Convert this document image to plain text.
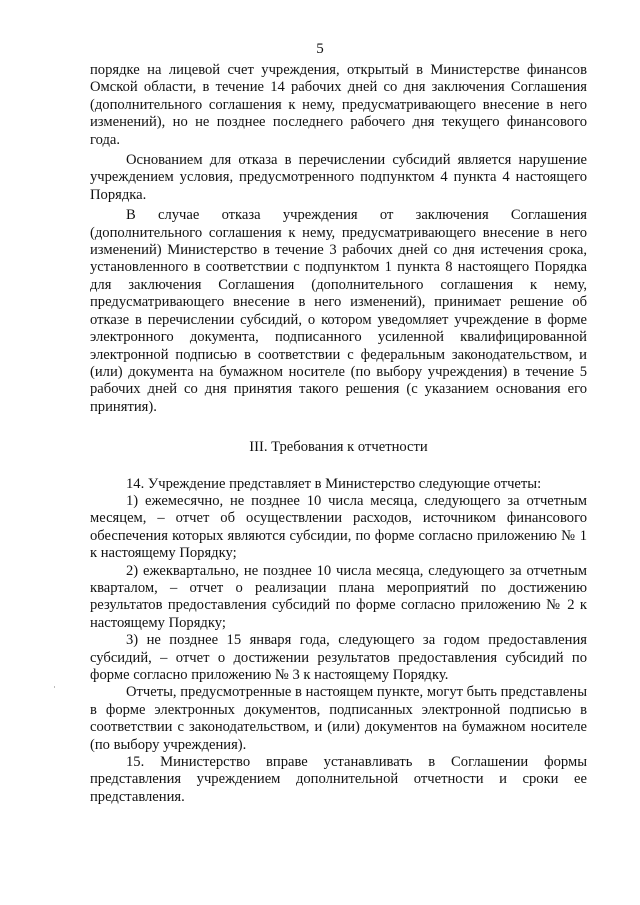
5

порядке на лицевой счет учреждения, открытый в Министерстве финансов Омской области, в течение 14 рабочих дней со дня заключения Соглашения (дополнительного соглашения к нему, предусматривающего внесение в него изменений), но не позднее последнего рабочего дня текущего финансового года.

Основанием для отказа в перечислении субсидий является нарушение учреждением условия, предусмотренного подпунктом 4 пункта 4 настоящего Порядка.

В случае отказа учреждения от заключения Соглашения (дополнительного соглашения к нему, предусматривающего внесение в него изменений) Министерство в течение 3 рабочих дней со дня истечения срока, установленного в соответствии с подпунктом 1 пункта 8 настоящего Порядка для заключения Соглашения (дополнительного соглашения к нему, предусматривающего внесение в него изменений), принимает решение об отказе в перечислении субсидий, о котором уведомляет учреждение в форме электронного документа, подписанного усиленной квалифицированной электронной подписью в соответствии с федеральным законодательством, и (или) документа на бумажном носителе (по выбору учреждения) в течение 5 рабочих дней со дня принятия такого решения (с указанием основания его принятия).

III. Требования к отчетности

14. Учреждение представляет в Министерство следующие отчеты:

1) ежемесячно, не позднее 10 числа месяца, следующего за отчетным месяцем, – отчет об осуществлении расходов, источником финансового обеспечения которых являются субсидии, по форме согласно приложению № 1 к настоящему Порядку;

2) ежеквартально, не позднее 10 числа месяца, следующего за отчетным кварталом, – отчет о реализации плана мероприятий по достижению результатов предоставления субсидий по форме согласно приложению № 2 к настоящему Порядку;

3) не позднее 15 января года, следующего за годом предоставления субсидий, – отчет о достижении результатов предоставления субсидий по форме согласно приложению № 3 к настоящему Порядку.

Отчеты, предусмотренные в настоящем пункте, могут быть представлены в форме электронных документов, подписанных электронной подписью в соответствии с законодательством, и (или) документов на бумажном носителе (по выбору учреждения).

15. Министерство вправе устанавливать в Соглашении формы представления учреждением дополнительной отчетности и сроки ее представления.
